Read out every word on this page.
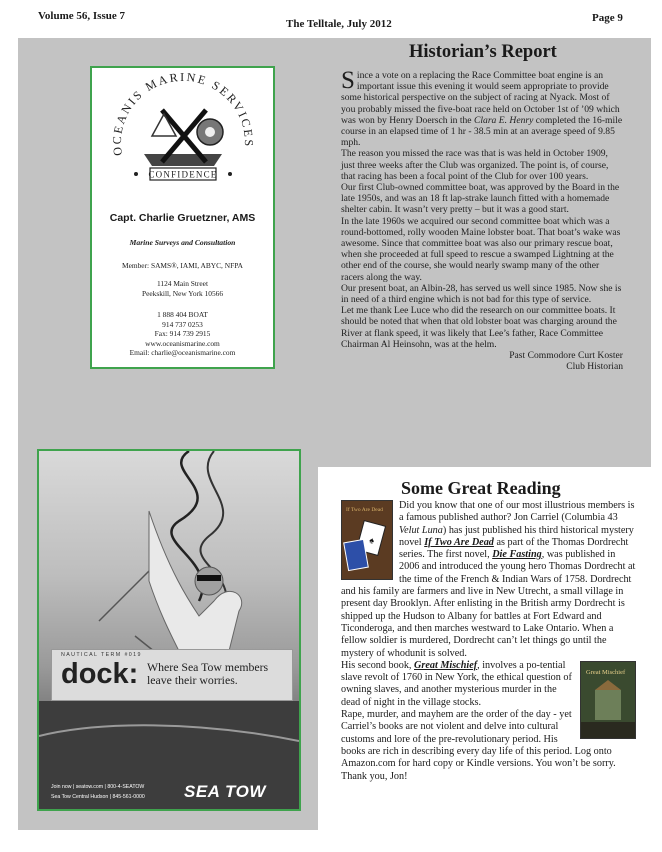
Volume 56, Issue 7
The Telltale, July 2012	Page 9
OCEANIS MARINE SERVICES
CONFIDENCE
Capt. Charlie Gruetzner, AMS
Marine Surveys and Consultation
Member: SAMS®, IAMI, ABYC, NFPA
1124 Main Street
Peekskill, New York 10566
1 888 404 BOAT
914 737 0253
Fax: 914 739 2915
www.oceanismarine.com
Email: charlie@oceanismarine.com
Historian’s Report

Since a vote on a replacing the Race Committee boat engine is an important issue this evening it would seem appropriate to provide some historical perspective on the subject of racing at Nyack. Most of you probably missed the five-boat race held on October 1st of ’09 which was won by Henry Doersch in the Clara E. Henry completed the 16-mile course in an elapsed time of 1 hr - 38.5 min at an average speed of 9.85 mph.

The reason you missed the race was that is was held in October 1909, just three weeks after the Club was organized. The point is, of course, that racing has been a focal point of the Club for over 100 years.

Our first Club-owned committee boat, was approved by the Board in the late 1950s, and was an 18 ft lap-strake launch fitted with a homemade shelter cabin. It wasn’t very pretty – but it was a good start.

In the late 1960s we acquired our second committee boat which was a round-bottomed, rolly wooden Maine lobster boat. That boat’s wake was awesome. Since that committee boat was also our primary rescue boat, when she proceeded at full speed to rescue a swamped Lightning at the other end of the course, she would nearly swamp many of the other racers along the way.

Our present boat, an Albin-28, has served us well since 1985. Now she is in need of a third engine which is not bad for this type of service.

Let me thank Lee Luce who did the research on our committee boats. It should be noted that when that old lobster boat was charging around the River at flank speed, it was likely that Lee’s father, Race Committee Chairman Al Heinsohn, was at the helm.

Past Commodore Curt Koster

Club Historian

NAUTICAL TERM #019
dock: Where Sea Tow members leave their worries.
Join now | seatow.com | 800-4-SEATOW
Sea Tow Central Hudson | 845-561-0000 SEA TOW
Some Great Reading
If Two Are Dead
♠

Did you know that one of our most illustrious members is a famous published author? Jon Carriel (Columbia 43 Velut Luna) has just published his third historical mystery novel If Two Are Dead as part of the Thomas Dordrecht series. The first novel, Die Fasting, was published in 2006 and introduced the young hero Thomas Dordrecht at the time of the French & Indian Wars of 1758. Dordrecht and his family are farmers and live in New Utrecht, a small village in present day Brooklyn. After enlisting in the British army Dordrecht is shipped up the Hudson to Albany for battles at Fort Edward and Ticonderoga, and then marches westward to Lake Ontario. When a fellow soldier is murdered, Dordrecht can’t let things go until the mystery of whodunit is solved.

Great Mischief

His second book, Great Mischief, involves a po-tential slave revolt of 1760 in New York, the ethical question of owning slaves, and another mysterious murder in the dead of night in the village stocks.

Rape, murder, and mayhem are the order of the day - yet Carriel’s books are not violent and delve into cultural customs and lore of the pre-revolutionary period. His books are rich in describing every day life of this period. Log onto Amazon.com for hard copy or Kindle versions. You won’t be sorry. Thank you, Jon!
